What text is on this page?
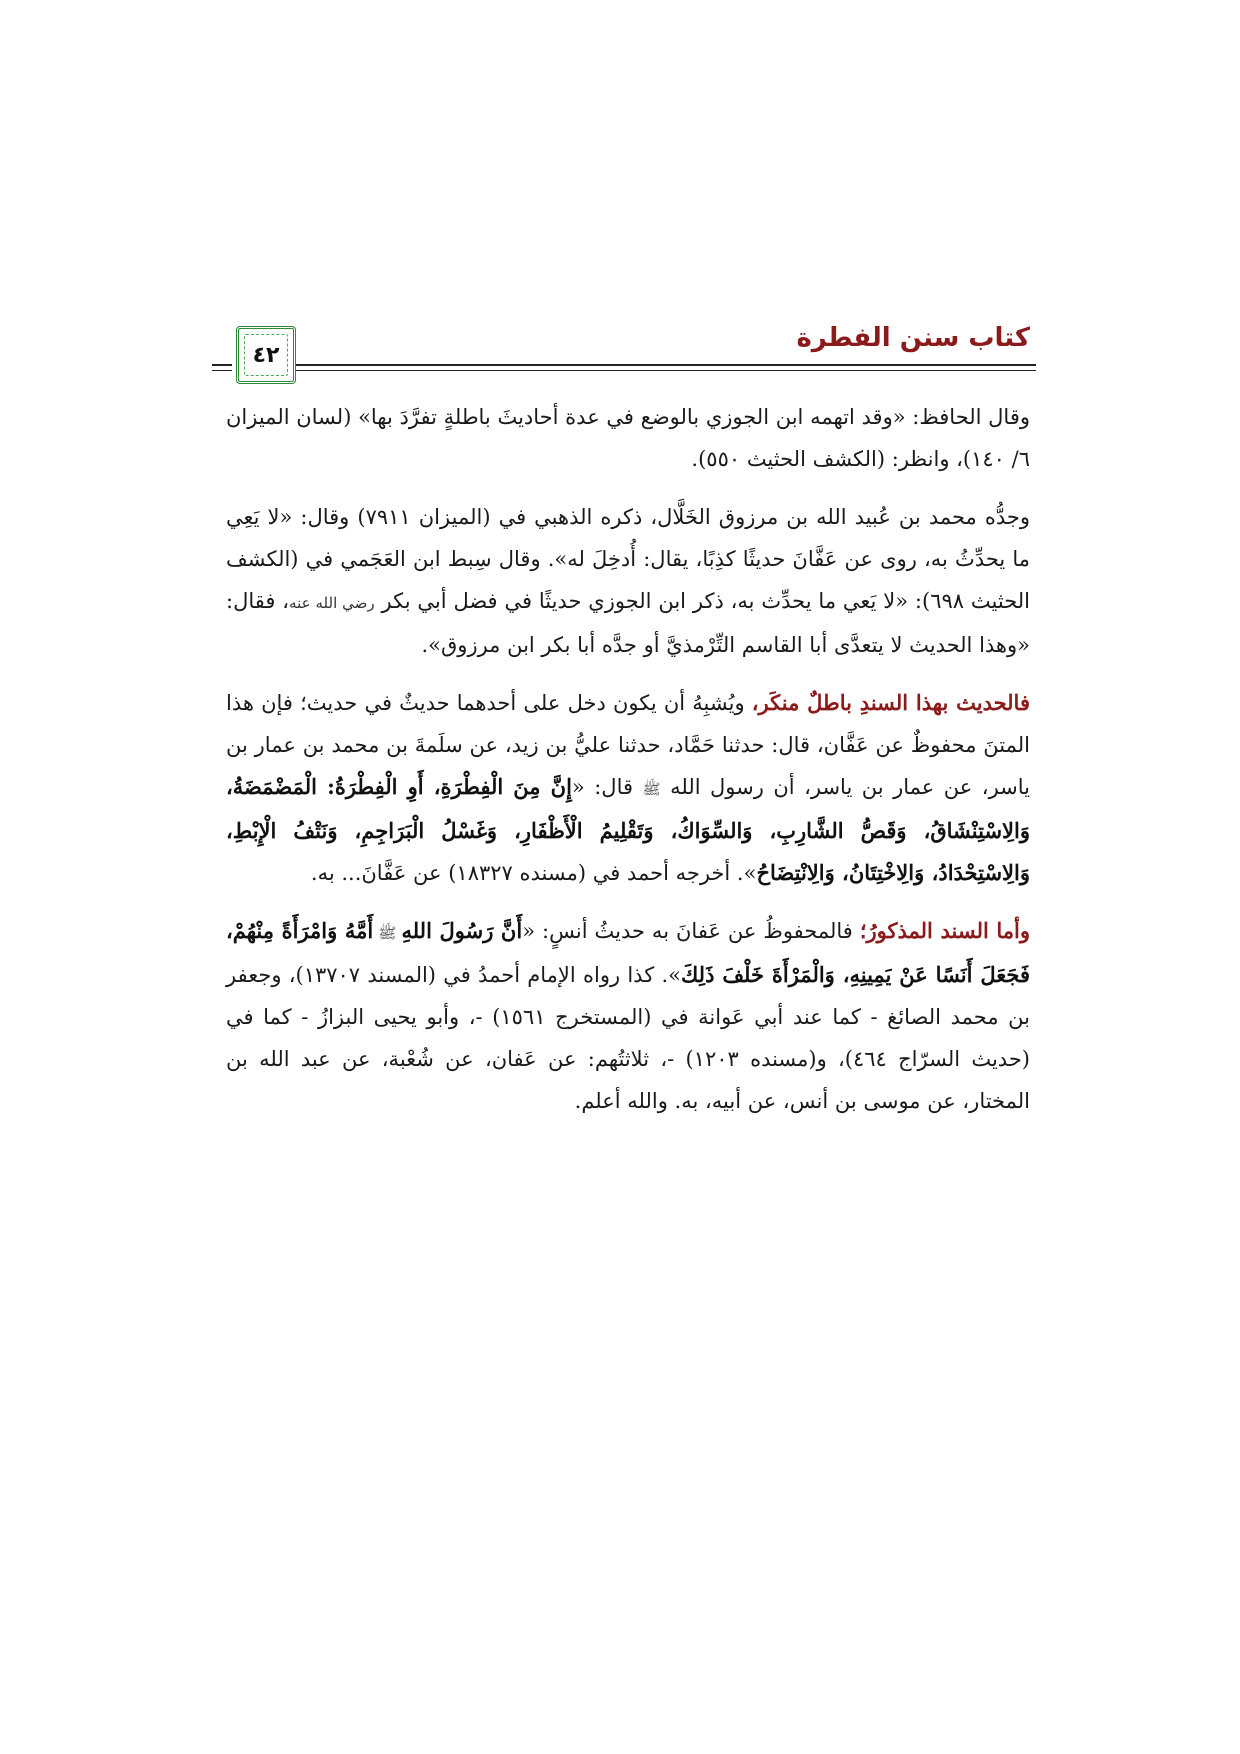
٤٢
كتاب سنن الفطرة

وقال الحافظ: «وقد اتهمه ابن الجوزي بالوضع في عدة أحاديثَ باطلةٍ تفرَّدَ بها» (لسان الميزان ٦/ ١٤٠)، وانظر: (الكشف الحثيث ٥٥٠).

وجدُّه محمد بن عُبيد الله بن مرزوق الخَلَّال، ذكره الذهبي في (الميزان ٧٩١١) وقال: «لا يَعِي ما يحدِّثُ به، روى عن عَفَّانَ حديثًا كذِبًا، يقال: أُدخِلَ له». وقال سِبط ابن العَجَمي في (الكشف الحثيث ٦٩٨): «لا يَعي ما يحدِّث به، ذكر ابن الجوزي حديثًا في فضل أبي بكر رضي الله عنه، فقال: «وهذا الحديث لا يتعدَّى أبا القاسم التِّرْمذيَّ أو جدَّه أبا بكر ابن مرزوق».

فالحديث بهذا السندِ باطلٌ منكَر، ويُشبِهُ أن يكون دخل على أحدهما حديثٌ في حديث؛ فإن هذا المتنَ محفوظٌ عن عَفَّان، قال: حدثنا حَمَّاد، حدثنا عليُّ بن زيد، عن سلَمةَ بن محمد بن عمار بن ياسر، عن عمار بن ياسر، أن رسول الله ﷺ قال: «إِنَّ مِنَ الْفِطْرَةِ، أَوِ الْفِطْرَةُ: الْمَضْمَضَةُ، وَالِاسْتِنْشَاقُ، وَقَصُّ الشَّارِبِ، وَالسِّوَاكُ، وَتَقْلِيمُ الْأَظْفَارِ، وَغَسْلُ الْبَرَاجِمِ، وَنَتْفُ الْإِبْطِ، وَالِاسْتِحْدَادُ، وَالِاخْتِتَانُ، وَالِانْتِضَاحُ». أخرجه أحمد في (مسنده ١٨٣٢٧) عن عَفَّانَ... به.

وأما السند المذكورُ؛ فالمحفوظُ عن عَفانَ به حديثُ أنسٍ: «أَنَّ رَسُولَ اللهِ ﷺ أَمَّهُ وَامْرَأَةً مِنْهُمْ، فَجَعَلَ أَنَسًا عَنْ يَمِينِهِ، وَالْمَرْأَةَ خَلْفَ ذَلِكَ». كذا رواه الإمام أحمدُ في (المسند ١٣٧٠٧)، وجعفر بن محمد الصائغ - كما عند أبي عَوانة في (المستخرج ١٥٦١) -، وأبو يحيى البزازُ - كما في (حديث السرّاج ٤٦٤)، و(مسنده ١٢٠٣) -، ثلاثتُهم: عن عَفان، عن شُعْبة، عن عبد الله بن المختار، عن موسى بن أنس، عن أبيه، به. والله أعلم.
